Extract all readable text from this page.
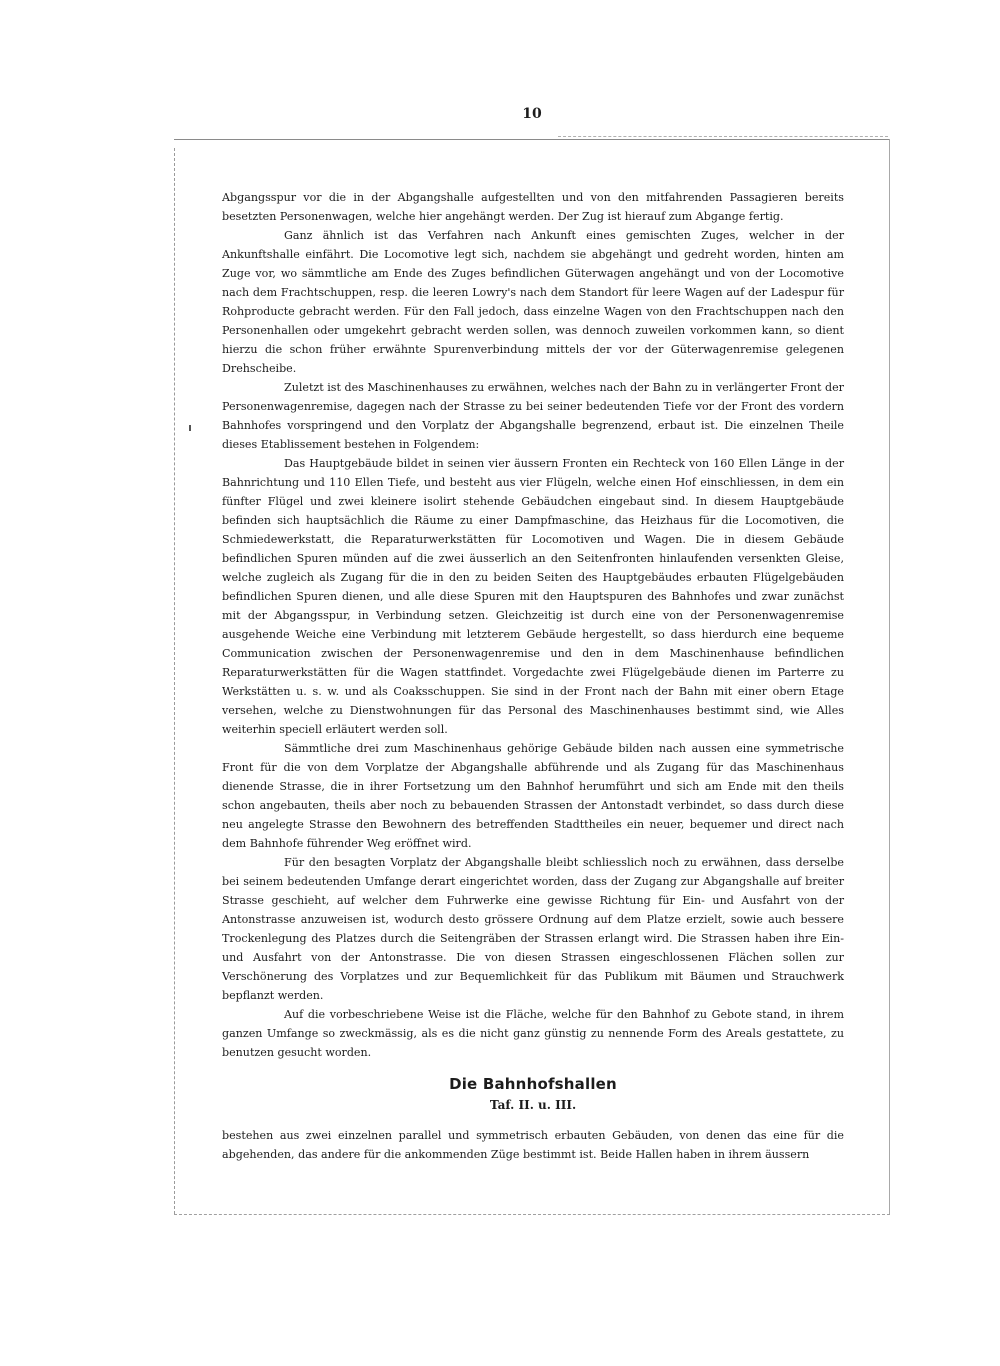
10

Abgangsspur vor die in der Abgangshalle aufgestellten und von den mitfahrenden Passagieren bereits besetzten Personenwagen, welche hier angehängt werden. Der Zug ist hierauf zum Abgange fertig.

Ganz ähnlich ist das Verfahren nach Ankunft eines gemischten Zuges, welcher in der Ankunftshalle einfährt. Die Locomotive legt sich, nachdem sie abgehängt und gedreht worden, hinten am Zuge vor, wo sämmtliche am Ende des Zuges befindlichen Güterwagen angehängt und von der Locomotive nach dem Frachtschuppen, resp. die leeren Lowry's nach dem Standort für leere Wagen auf der Ladespur für Rohproducte gebracht werden. Für den Fall jedoch, dass einzelne Wagen von den Frachtschuppen nach den Personenhallen oder umgekehrt gebracht werden sollen, was dennoch zuweilen vorkommen kann, so dient hierzu die schon früher erwähnte Spurenverbindung mittels der vor der Güterwagenremise gelegenen Drehscheibe.

Zuletzt ist des Maschinenhauses zu erwähnen, welches nach der Bahn zu in verlängerter Front der Personenwagenremise, dagegen nach der Strasse zu bei seiner bedeutenden Tiefe vor der Front des vordern Bahnhofes vorspringend und den Vorplatz der Abgangshalle begrenzend, erbaut ist. Die einzelnen Theile dieses Etablissement bestehen in Folgendem:

Das Hauptgebäude bildet in seinen vier äussern Fronten ein Rechteck von 160 Ellen Länge in der Bahnrichtung und 110 Ellen Tiefe, und besteht aus vier Flügeln, welche einen Hof einschliessen, in dem ein fünfter Flügel und zwei kleinere isolirt stehende Gebäudchen eingebaut sind. In diesem Hauptgebäude befinden sich hauptsächlich die Räume zu einer Dampfmaschine, das Heizhaus für die Locomotiven, die Schmiedewerkstatt, die Reparaturwerkstätten für Locomotiven und Wagen. Die in diesem Gebäude befindlichen Spuren münden auf die zwei äusserlich an den Seitenfronten hinlaufenden versenkten Gleise, welche zugleich als Zugang für die in den zu beiden Seiten des Hauptgebäudes erbauten Flügelgebäuden befindlichen Spuren dienen, und alle diese Spuren mit den Hauptspuren des Bahnhofes und zwar zunächst mit der Abgangsspur, in Verbindung setzen. Gleichzeitig ist durch eine von der Personenwagenremise ausgehende Weiche eine Verbindung mit letzterem Gebäude hergestellt, so dass hierdurch eine bequeme Communication zwischen der Personenwagenremise und den in dem Maschinenhause befindlichen Reparaturwerkstätten für die Wagen stattfindet. Vorgedachte zwei Flügelgebäude dienen im Parterre zu Werkstätten u. s. w. und als Coaksschuppen. Sie sind in der Front nach der Bahn mit einer obern Etage versehen, welche zu Dienstwohnungen für das Personal des Maschinenhauses bestimmt sind, wie Alles weiterhin speciell erläutert werden soll.

Sämmtliche drei zum Maschinenhaus gehörige Gebäude bilden nach aussen eine symmetrische Front für die von dem Vorplatze der Abgangshalle abführende und als Zugang für das Maschinenhaus dienende Strasse, die in ihrer Fortsetzung um den Bahnhof herumführt und sich am Ende mit den theils schon angebauten, theils aber noch zu bebauenden Strassen der Antonstadt verbindet, so dass durch diese neu angelegte Strasse den Bewohnern des betreffenden Stadttheiles ein neuer, bequemer und direct nach dem Bahnhofe führender Weg eröffnet wird.

Für den besagten Vorplatz der Abgangshalle bleibt schliesslich noch zu erwähnen, dass derselbe bei seinem bedeutenden Umfange derart eingerichtet worden, dass der Zugang zur Abgangshalle auf breiter Strasse geschieht, auf welcher dem Fuhrwerke eine gewisse Richtung für Ein- und Ausfahrt von der Antonstrasse anzuweisen ist, wodurch desto grössere Ordnung auf dem Platze erzielt, sowie auch bessere Trockenlegung des Platzes durch die Seitengräben der Strassen erlangt wird. Die Strassen haben ihre Ein- und Ausfahrt von der Antonstrasse. Die von diesen Strassen eingeschlossenen Flächen sollen zur Verschönerung des Vorplatzes und zur Bequemlichkeit für das Publikum mit Bäumen und Strauchwerk bepflanzt werden.

Auf die vorbeschriebene Weise ist die Fläche, welche für den Bahnhof zu Gebote stand, in ihrem ganzen Umfange so zweckmässig, als es die nicht ganz günstig zu nennende Form des Areals gestattete, zu benutzen gesucht worden.

Die Bahnhofshallen
Taf. II. u. III.

bestehen aus zwei einzelnen parallel und symmetrisch erbauten Gebäuden, von denen das eine für die abgehenden, das andere für die ankommenden Züge bestimmt ist. Beide Hallen haben in ihrem äussern
